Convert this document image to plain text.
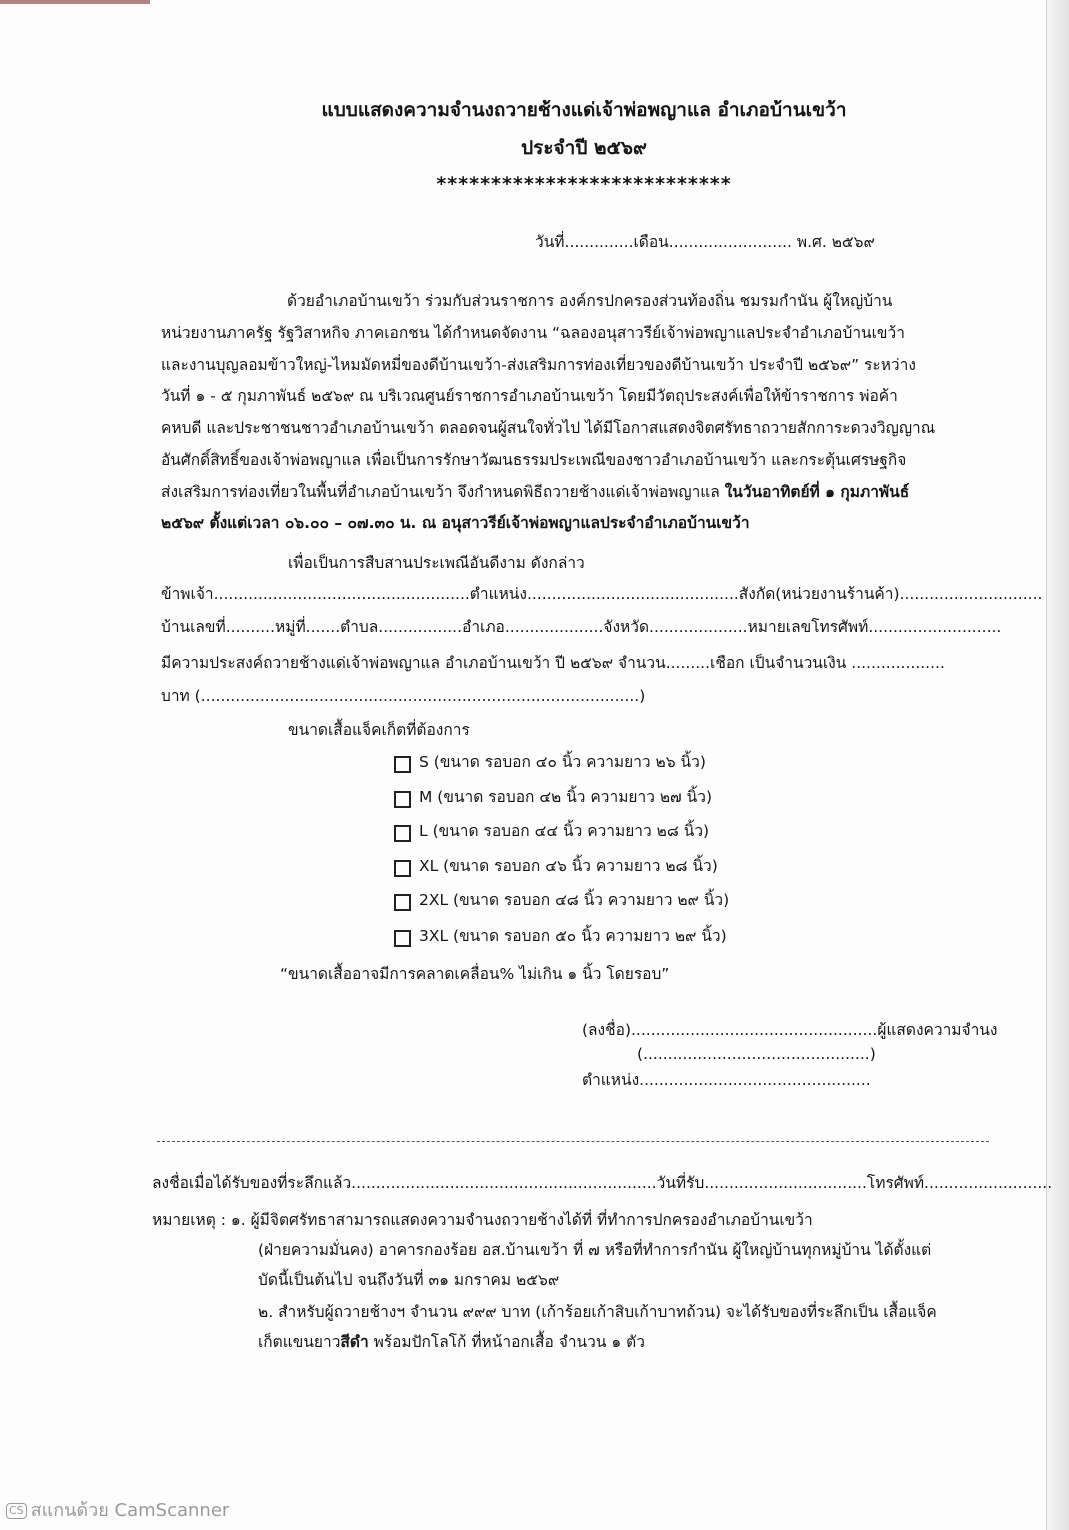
แบบแสดงความจำนงถวายช้างแด่เจ้าพ่อพญาแล อำเภอบ้านเขว้า
ประจำปี ๒๕๖๙
***************************
วันที่..............เดือน......................... พ.ศ. ๒๕๖๙
ด้วยอำเภอบ้านเขว้า ร่วมกับส่วนราชการ องค์กรปกครองส่วนท้องถิ่น ชมรมกำนัน ผู้ใหญ่บ้าน
หน่วยงานภาครัฐ รัฐวิสาหกิจ ภาคเอกชน ได้กำหนดจัดงาน “ฉลองอนุสาวรีย์เจ้าพ่อพญาแลประจำอำเภอบ้านเขว้า
และงานบุญลอมข้าวใหญ่-ไหมมัดหมี่ของดีบ้านเขว้า-ส่งเสริมการท่องเที่ยวของดีบ้านเขว้า ประจำปี ๒๕๖๙” ระหว่าง
วันที่ ๑ - ๕ กุมภาพันธ์ ๒๕๖๙ ณ บริเวณศูนย์ราชการอำเภอบ้านเขว้า โดยมีวัตถุประสงค์เพื่อให้ข้าราชการ พ่อค้า
คหบดี และประชาชนชาวอำเภอบ้านเขว้า ตลอดจนผู้สนใจทั่วไป ได้มีโอกาสแสดงจิตศรัทธาถวายสักการะดวงวิญญาณ
อันศักดิ์สิทธิ์ของเจ้าพ่อพญาแล เพื่อเป็นการรักษาวัฒนธรรมประเพณีของชาวอำเภอบ้านเขว้า และกระตุ้นเศรษฐกิจ
ส่งเสริมการท่องเที่ยวในพื้นที่อำเภอบ้านเขว้า จึงกำหนดพิธีถวายช้างแด่เจ้าพ่อพญาแล ในวันอาทิตย์ที่ ๑ กุมภาพันธ์
๒๕๖๙ ตั้งแต่เวลา ๐๖.๐๐ – ๐๗.๓๐ น. ณ อนุสาวรีย์เจ้าพ่อพญาแลประจำอำเภอบ้านเขว้า
เพื่อเป็นการสืบสานประเพณีอันดีงาม ดังกล่าว
ข้าพเจ้า....................................................ตำแหน่ง...........................................สังกัด(หน่วยงานร้านค้า).............................
บ้านเลขที่..........หมู่ที่.......ตำบล.................อำเภอ....................จังหวัด....................หมายเลขโทรศัพท์...........................
มีความประสงค์ถวายช้างแด่เจ้าพ่อพญาแล อำเภอบ้านเขว้า ปี ๒๕๖๙ จำนวน.........เชือก เป็นจำนวนเงิน ...................
บาท (.........................................................................................)
ขนาดเสื้อแจ็คเก็ตที่ต้องการ
S (ขนาด รอบอก ๔๐ นิ้ว ความยาว ๒๖ นิ้ว)
M (ขนาด รอบอก ๔๒ นิ้ว ความยาว ๒๗ นิ้ว)
L (ขนาด รอบอก ๔๔ นิ้ว ความยาว ๒๘ นิ้ว)
XL (ขนาด รอบอก ๔๖ นิ้ว ความยาว ๒๘ นิ้ว)
2XL (ขนาด รอบอก ๔๘ นิ้ว ความยาว ๒๙ นิ้ว)
3XL (ขนาด รอบอก ๕๐ นิ้ว ความยาว ๒๙ นิ้ว)
“ขนาดเสื้ออาจมีการคลาดเคลื่อน% ไม่เกิน ๑ นิ้ว โดยรอบ”
(ลงชื่อ)..................................................ผู้แสดงความจำนง
(..............................................)
ตำแหน่ง...............................................
ลงชื่อเมื่อได้รับของที่ระลึกแล้ว..............................................................วันที่รับ.................................โทรศัพท์..........................
หมายเหตุ : ๑. ผู้มีจิตศรัทธาสามารถแสดงความจำนงถวายช้างได้ที่ ที่ทำการปกครองอำเภอบ้านเขว้า
(ฝ่ายความมั่นคง) อาคารกองร้อย อส.บ้านเขว้า ที่ ๗ หรือที่ทำการกำนัน ผู้ใหญ่บ้านทุกหมู่บ้าน ได้ตั้งแต่
บัดนี้เป็นต้นไป จนถึงวันที่ ๓๑ มกราคม ๒๕๖๙
๒. สำหรับผู้ถวายช้างฯ จำนวน ๙๙๙ บาท (เก้าร้อยเก้าสิบเก้าบาทถ้วน) จะได้รับของที่ระลึกเป็น เสื้อแจ็ค
เก็ตแขนยาวสีดำ พร้อมปักโลโก้ ที่หน้าอกเสื้อ จำนวน ๑ ตัว
CS สแกนด้วย CamScanner
